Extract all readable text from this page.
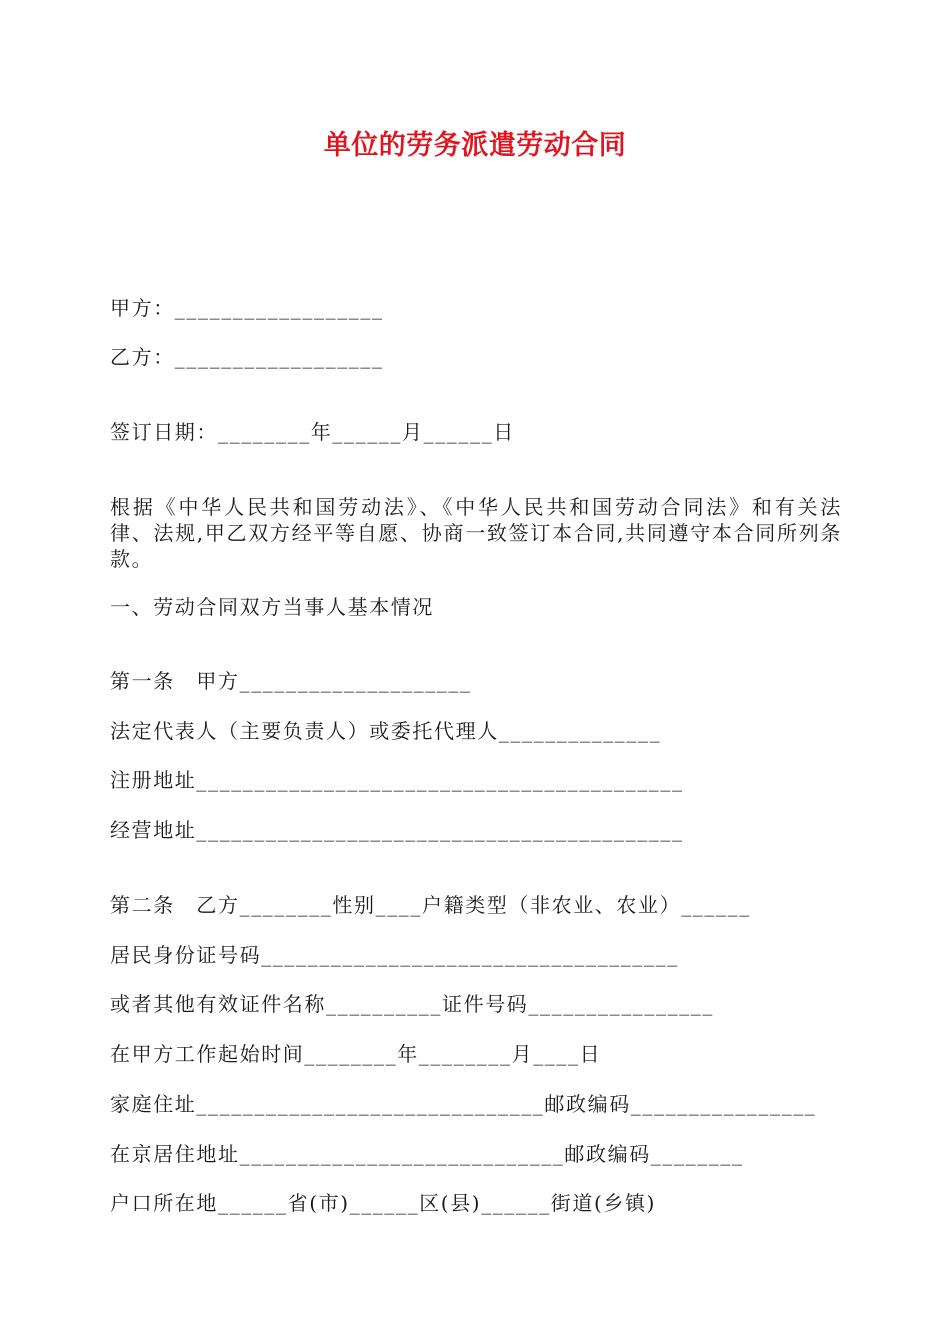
单位的劳务派遣劳动合同

甲方：__________________

乙方：__________________

签订日期：________年______月______日

根据《中华人民共和国劳动法》、《中华人民共和国劳动合同法》和有关法律、法规,甲乙双方经平等自愿、协商一致签订本合同,共同遵守本合同所列条款。

一、劳动合同双方当事人基本情况

第一条　甲方____________________

法定代表人（主要负责人）或委托代理人______________

注册地址__________________________________________

经营地址__________________________________________

第二条　乙方________性别____户籍类型（非农业、农业）______

居民身份证号码____________________________________

或者其他有效证件名称__________证件号码________________

在甲方工作起始时间________年________月____日

家庭住址______________________________邮政编码________________

在京居住地址____________________________邮政编码________

户口所在地______省(市)______区(县)______街道(乡镇)
